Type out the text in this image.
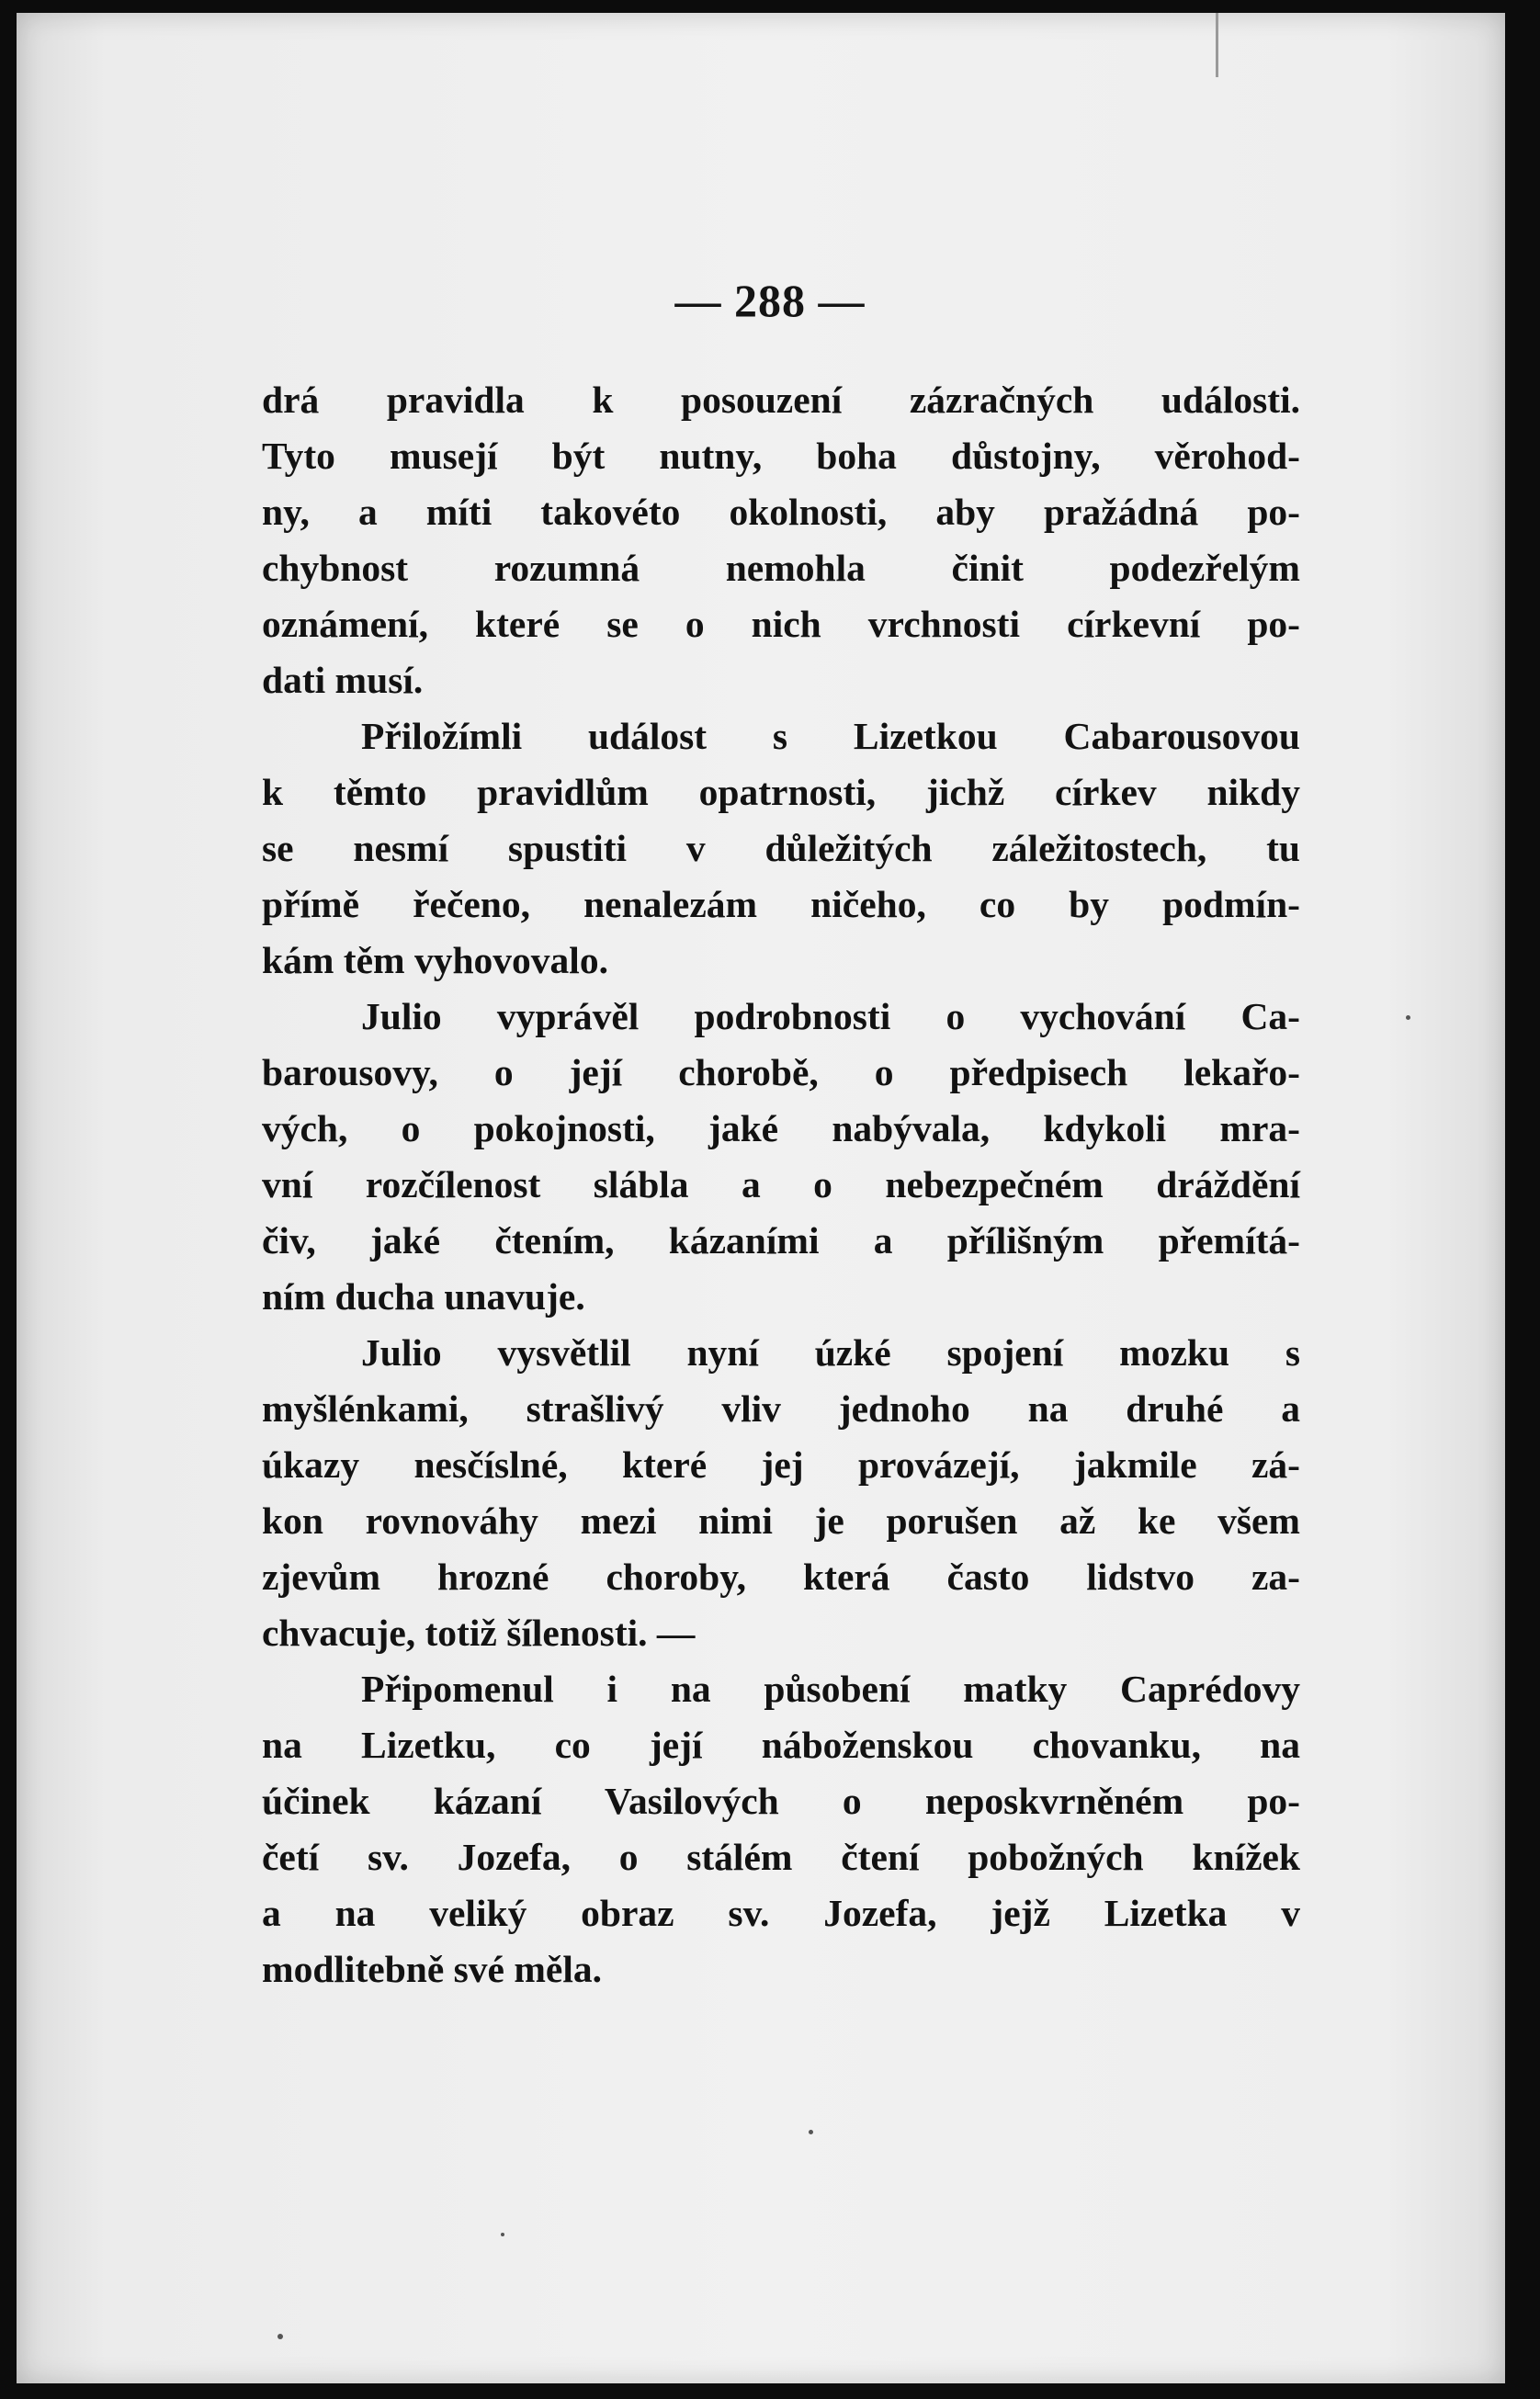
— 288 —
drá pravidla k posouzení zázračných události.
Tyto musejí být nutny, boha důstojny, věrohod-
ny, a míti takovéto okolnosti, aby pražádná po-
chybnost rozumná nemohla činit podezřelým
oznámení, které se o nich vrchnosti církevní po-
dati musí.
Přiložímli událost s Lizetkou Cabarousovou
k těmto pravidlům opatrnosti, jichž církev nikdy
se nesmí spustiti v důležitých záležitostech, tu
přímě řečeno, nenalezám ničeho, co by podmín-
kám těm vyhovovalo.
Julio vyprávěl podrobnosti o vychování Ca-
barousovy, o její chorobě, o předpisech lekařo-
vých, o pokojnosti, jaké nabývala, kdykoli mra-
vní rozčílenost slábla a o nebezpečném dráždění
čiv, jaké čtením, kázaními a přílišným přemítá-
ním ducha unavuje.
Julio vysvětlil nyní úzké spojení mozku s
myšlénkami, strašlivý vliv jednoho na druhé a
úkazy nesčíslné, které jej provázejí, jakmile zá-
kon rovnováhy mezi nimi je porušen až ke všem
zjevům hrozné choroby, která často lidstvo za-
chvacuje, totiž šílenosti. —
Připomenul i na působení matky Caprédovy
na Lizetku, co její náboženskou chovanku, na
účinek kázaní Vasilových o neposkvrněném po-
četí sv. Jozefa, o stálém čtení pobožných knížek
a na veliký obraz sv. Jozefa, jejž Lizetka v
modlitebně své měla.
